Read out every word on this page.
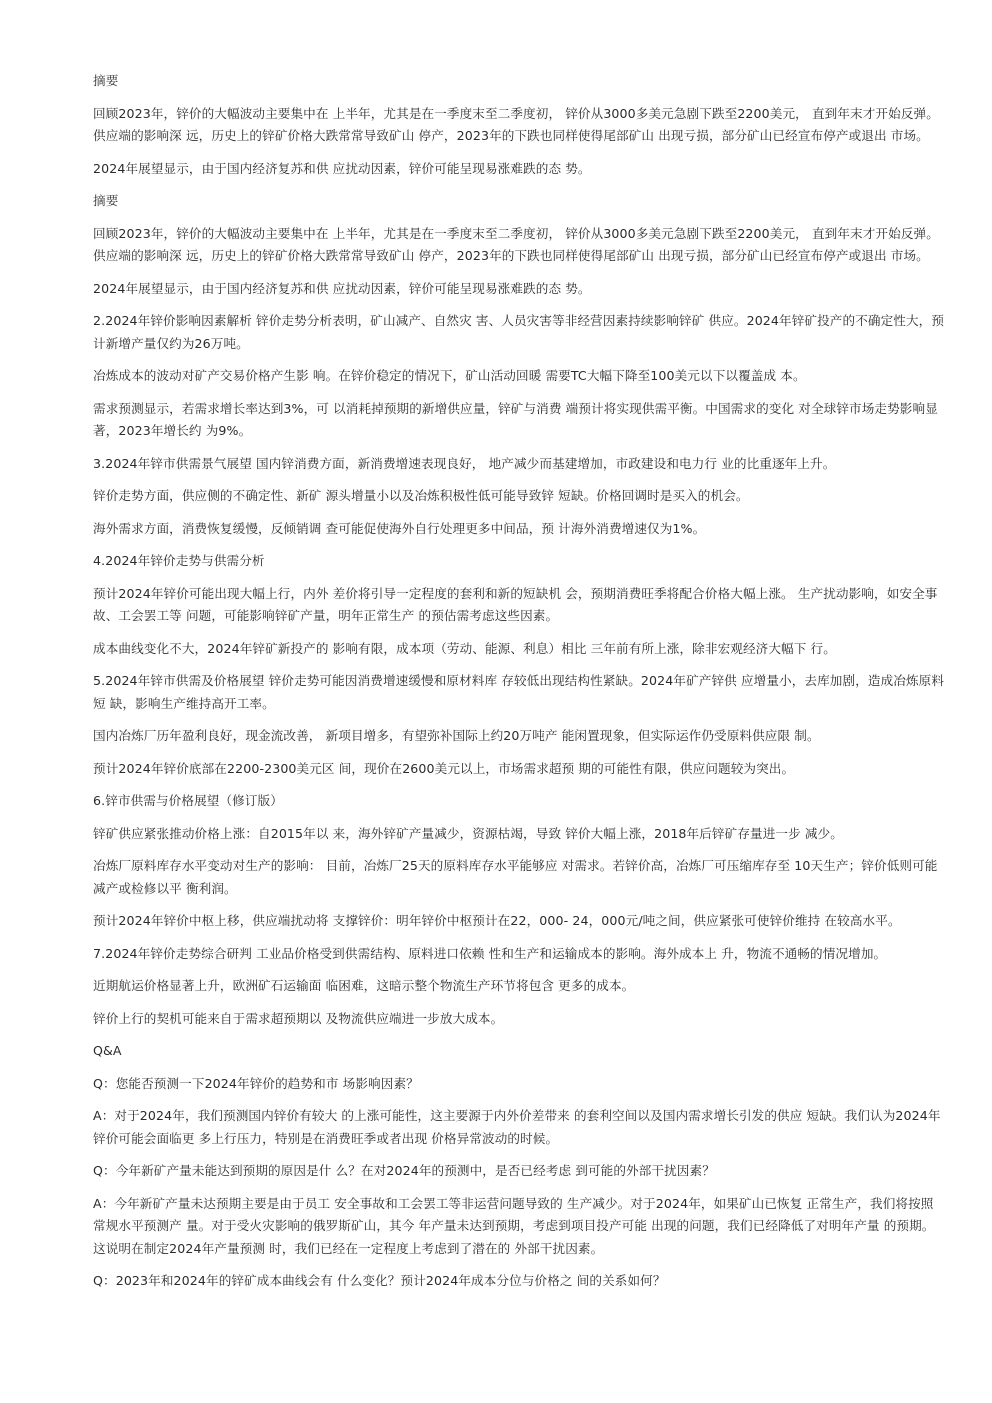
摘要

回顾2023年，锌价的大幅波动主要集中在 上半年，尤其是在一季度末至二季度初， 锌价从3000多美元急剧下跌至2200美元， 直到年末才开始反弹。供应端的影响深 远，历史上的锌矿价格大跌常常导致矿山 停产，2023年的下跌也同样使得尾部矿山 出现亏损，部分矿山已经宣布停产或退出 市场。

2024年展望显示，由于国内经济复苏和供 应扰动因素，锌价可能呈现易涨难跌的态 势。

摘要

回顾2023年，锌价的大幅波动主要集中在 上半年，尤其是在一季度末至二季度初， 锌价从3000多美元急剧下跌至2200美元， 直到年末才开始反弹。供应端的影响深 远，历史上的锌矿价格大跌常常导致矿山 停产，2023年的下跌也同样使得尾部矿山 出现亏损，部分矿山已经宣布停产或退出 市场。

2024年展望显示，由于国内经济复苏和供 应扰动因素，锌价可能呈现易涨难跌的态 势。

2.2024年锌价影响因素解析 锌价走势分析表明，矿山减产、自然灾 害、人员灾害等非经营因素持续影响锌矿 供应。2024年锌矿投产的不确定性大，预 计新增产量仅约为26万吨。

冶炼成本的波动对矿产交易价格产生影 响。在锌价稳定的情况下，矿山活动回暖 需要TC大幅下降至100美元以下以覆盖成 本。

需求预测显示，若需求增长率达到3%，可 以消耗掉预期的新增供应量，锌矿与消费 端预计将实现供需平衡。中国需求的变化 对全球锌市场走势影响显著，2023年增长约 为9%。

3.2024年锌市供需景气展望 国内锌消费方面，新消费增速表现良好， 地产减少而基建增加，市政建设和电力行 业的比重逐年上升。

锌价走势方面，供应侧的不确定性、新矿 源头增量小以及冶炼积极性低可能导致锌 短缺。价格回调时是买入的机会。

海外需求方面，消费恢复缓慢，反倾销调 查可能促使海外自行处理更多中间品，预 计海外消费增速仅为1%。

4.2024年锌价走势与供需分析

预计2024年锌价可能出现大幅上行，内外 差价将引导一定程度的套利和新的短缺机 会，预期消费旺季将配合价格大幅上涨。 生产扰动影响，如安全事故、工会罢工等 问题，可能影响锌矿产量，明年正常生产 的预估需考虑这些因素。

成本曲线变化不大，2024年锌矿新投产的 影响有限，成本项（劳动、能源、利息）相比 三年前有所上涨，除非宏观经济大幅下 行。

5.2024年锌市供需及价格展望 锌价走势可能因消费增速缓慢和原材料库 存较低出现结构性紧缺。2024年矿产锌供 应增量小，去库加剧，造成冶炼原料短 缺，影响生产维持高开工率。

国内冶炼厂历年盈利良好，现金流改善， 新项目增多，有望弥补国际上约20万吨产 能闲置现象，但实际运作仍受原料供应限 制。

预计2024年锌价底部在2200-2300美元区 间，现价在2600美元以上，市场需求超预 期的可能性有限，供应问题较为突出。

6.锌市供需与价格展望（修订版）

锌矿供应紧张推动价格上涨：自2015年以 来，海外锌矿产量减少，资源枯竭，导致 锌价大幅上涨，2018年后锌矿存量进一步 减少。

冶炼厂原料库存水平变动对生产的影响： 目前，冶炼厂25天的原料库存水平能够应 对需求。若锌价高，冶炼厂可压缩库存至 10天生产；锌价低则可能减产或检修以平 衡利润。

预计2024年锌价中枢上移，供应端扰动将 支撑锌价：明年锌价中枢预计在22，000- 24，000元/吨之间，供应紧张可使锌价维持 在较高水平。

7.2024年锌价走势综合研判 工业品价格受到供需结构、原料进口依赖 性和生产和运输成本的影响。海外成本上 升，物流不通畅的情况增加。

近期航运价格显著上升，欧洲矿石运输面 临困难，这暗示整个物流生产环节将包含 更多的成本。

锌价上行的契机可能来自于需求超预期以 及物流供应端进一步放大成本。

Q&A

Q：您能否预测一下2024年锌价的趋势和市 场影响因素？

A：对于2024年，我们预测国内锌价有较大 的上涨可能性，这主要源于内外价差带来 的套利空间以及国内需求增长引发的供应 短缺。我们认为2024年锌价可能会面临更 多上行压力，特别是在消费旺季或者出现 价格异常波动的时候。

Q：今年新矿产量未能达到预期的原因是什 么？在对2024年的预测中，是否已经考虑 到可能的外部干扰因素？

A：今年新矿产量未达预期主要是由于员工 安全事故和工会罢工等非运营问题导致的 生产减少。对于2024年，如果矿山已恢复 正常生产，我们将按照常规水平预测产 量。对于受火灾影响的俄罗斯矿山，其今 年产量未达到预期，考虑到项目投产可能 出现的问题，我们已经降低了对明年产量 的预期。这说明在制定2024年产量预测 时，我们已经在一定程度上考虑到了潜在的 外部干扰因素。

Q：2023年和2024年的锌矿成本曲线会有 什么变化？预计2024年成本分位与价格之 间的关系如何？
